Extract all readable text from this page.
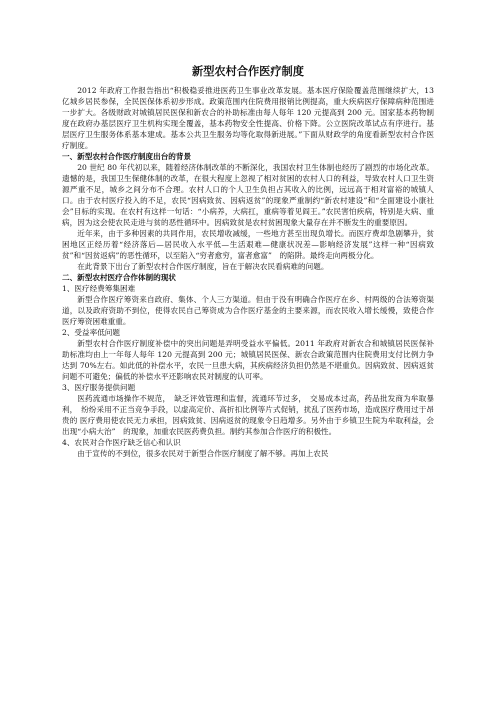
新型农村合作医疗制度

2012 年政府工作报告指出“积极稳妥推进医药卫生事业改革发展。基本医疗保险覆盖范围继续扩大，13 亿城乡居民参保，全民医保体系初步形成。政策范围内住院费用报销比例提高，重大疾病医疗保障病种范围进一步扩大。各级财政对城镇居民医保和新农合的补助标准由每人每年 120 元提高到 200 元。国家基本药物制度在政府办基层医疗卫生机构实现全覆盖，基本药物安全性提高、价格下降。公立医院改革试点有序进行。基层医疗卫生服务体系基本建成。基本公共卫生服务均等化取得新进展。”下面从财政学的角度看新型农村合作医疗制度。

一、新型农村合作医疗制度出台的背景

20 世纪 80 年代初以来，随着经济体制改革的不断深化，我国农村卫生体制也经历了剧烈的市场化改革。遗憾的是，我国卫生保健体制的改革，在很大程度上忽视了相对贫困的农村人口的利益，导致农村人口卫生资源严重不足，城乡之间分布不合理。农村人口的个人卫生负担占其收入的比例，远远高于相对富裕的城镇人口。由于农村医疗投入的不足，农民“因病致贫、因病返贫”的现象严重制约“新农村建设”和“全面建设小康社会”目标的实现。在农村有这样一句话：“小病养，大病扛，重病等着见阎王。”农民害怕疾病，特别是大病、重病，因为这会使农民走进与贫的恶性循环中。因病致贫是农村贫困现象大量存在并不断发生的重要原因。

近年来，由于多种因素的共同作用，农民增收减缓，一些地方甚至出现负增长。而医疗费却急剧攀升，贫困地区正经历着“经济落后—居民收入水平低—生活艰难—健康状况差—影响经济发展”这样一种“因病致贫”和“因贫返病”的恶性循环，以至陷入“穷者愈穷，富者愈富”　的陷阱。最终走向两极分化。

在此背景下出台了新型农村合作医疗制度，旨在于解决农民看病难的问题。

二、新型农村医疗合作体制的现状
1、医疗经费筹集困难

新型合作医疗筹资来自政府、集体、个人三方渠道。但由于没有明确合作医疗在乡、村两级的合法筹资渠道，以及政府资助不到位，使得农民自己筹资成为合作医疗基金的主要来源，而农民收入增长缓慢，致使合作医疗筹资困难重重。

2、受益率低问题

新型农村合作医疗制度补偿中的突出问题是弄明受益水平偏低。2011 年政府对新农合和城镇居民医保补助标准均由上一年每人每年 120 元提高到 200 元；城镇居民医保、新农合政策范围内住院费用支付比例力争达到 70%左右。如此低的补偿水平，农民一旦患大病，其疾病经济负担仍然是不堪重负。因病致贫、因病返贫问题不可避免；偏低的补偿水平还影响农民对制度的认可率。

3、医疗服务提供问题

医药流通市场操作不规范，　缺乏评效管理和监督，流通环节过多，　交易成本过高，药品批发商为牟取暴利，　纷纷采用不正当竞争手段，以虚高定价、高折扣比例等片式促销，扰乱了医药市场，造成医疗费用过于昂贵的 医疗费用使农民无力承担，因病致贫、因病返贫的现象令日趋增多。另外由于乡镇卫生院为牟取利益，会出现“小病大治”　的现象，加重农民医药费负担。制约其参加合作医疗的积极性。

4、农民对合作医疗缺乏信心和认识

由于宣传的不到位，很多农民对于新型合作医疗制度了解不够。再加上农民
